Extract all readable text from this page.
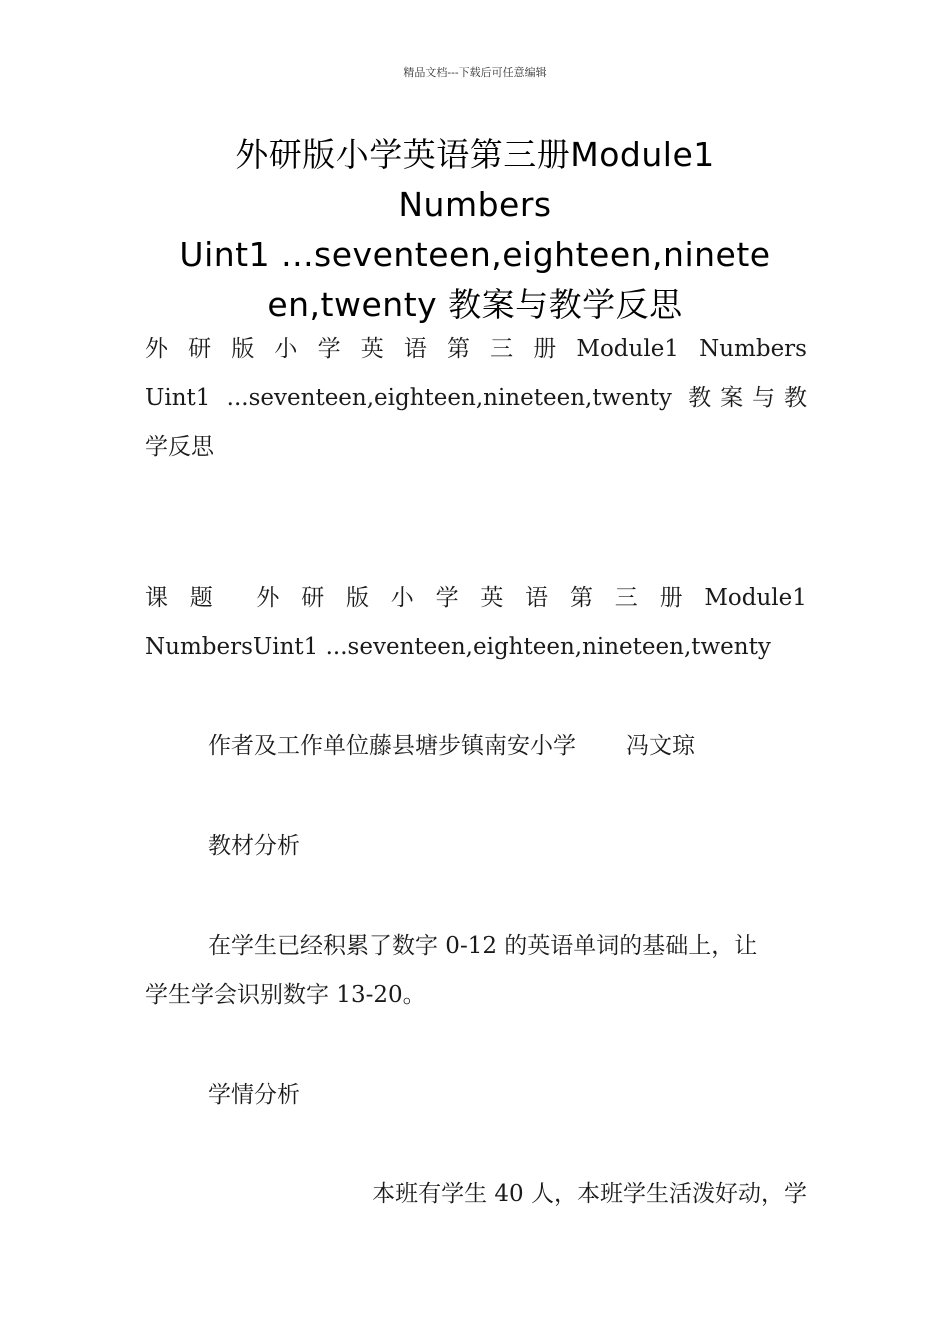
精品文档---下载后可任意编辑
外研版小学英语第三册Module1
Numbers
Uint1 ...seventeen,eighteen,ninete
en,twenty 教案与教学反思
外 研 版 小 学 英 语 第 三 册 Module1 Numbers
Uint1 ...seventeen,eighteen,nineteen,twenty 教案与教
学反思
课 题 外 研 版 小 学 英 语 第 三 册 Module1
NumbersUint1 ...seventeen,eighteen,nineteen,twenty
作者及工作单位藤县塘步镇南安小学 冯文琼
教材分析
在学生已经积累了数字 0-12 的英语单词的基础上，让
学生学会识别数字 13-20。
学情分析
本班有学生 40 人，本班学生活泼好动，学
